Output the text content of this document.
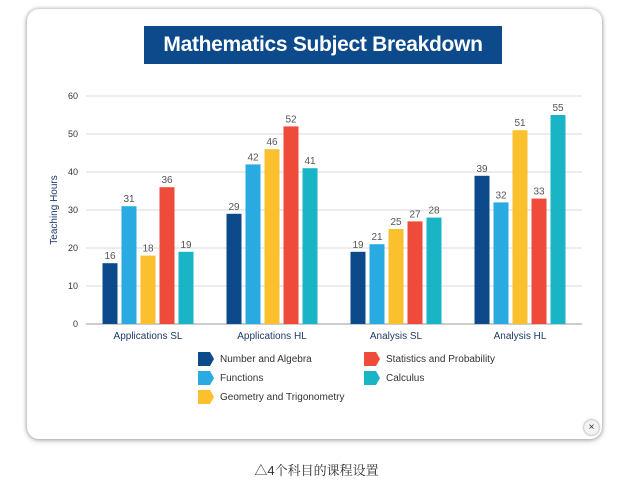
Mathematics Subject Breakdown
0
10
20
30
40
50
60
Teaching Hours
16
31
18
36
19
Applications SL
29
42
46
52
41
Applications HL
19
21
25
27 28
Analysis SL
39
32
51
33
55
Analysis HL
×
△4个科目的课程设置
Number and Algebra
Functions
Geometry and Trigonometry
Statistics and Probability
Calculus
